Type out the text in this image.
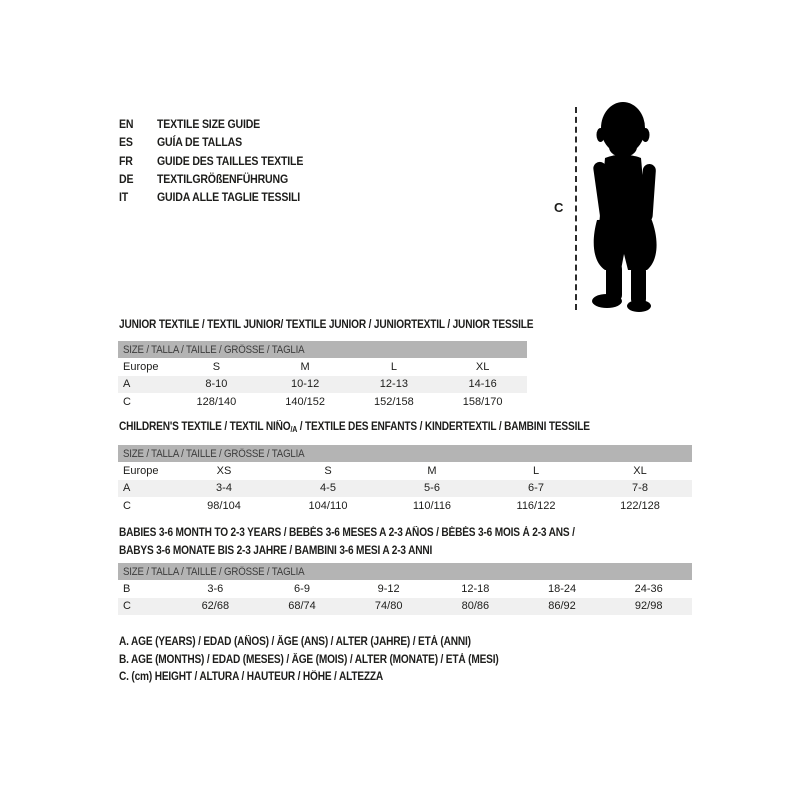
EN	TEXTILE SIZE GUIDE
ES	GUÍA DE TALLAS
FR	GUIDE DES TAILLES TEXTILE
DE	TEXTILGRÖßENFÜHRUNG
IT	GUIDA ALLE TAGLIE TESSILI
C
JUNIOR TEXTILE / TEXTIL JUNIOR/ TEXTILE JUNIOR / JUNIORTEXTIL / JUNIOR TESSILE
SIZE / TALLA / TAILLE / GRÖSSE / TAGLIA
Europe	S	M	L	XL
A	8-10	10-12	12-13	14-16
C	128/140	140/152	152/158	158/170
CHILDREN'S TEXTILE / TEXTIL $NIÑO_{/A}$ / TEXTILE DES ENFANTS / KINDERTEXTIL / BAMBINI TESSILE
SIZE / TALLA / TAILLE / GRÖSSE / TAGLIA
Europe	XS	S	M	L	XL
A	3-4	4-5	5-6	6-7	7-8
C	98/104	104/110	110/116	116/122	122/128
BABIES 3-6 MONTH TO 2-3 YEARS / BEBÉS 3-6 MESES A 2-3 AÑOS / BÉBÉS 3-6 MOIS À 2-3 ANS /
BABYS 3-6 MONATE BIS 2-3 JAHRE / BAMBINI 3-6 MESI A 2-3 ANNI
SIZE / TALLA / TAILLE / GRÖSSE / TAGLIA
B	3-6	6-9	9-12	12-18	18-24	24-36
C	62/68	68/74	74/80	80/86	86/92	92/98
A. AGE (YEARS) / EDAD (AÑOS) / ÂGE (ANS) / ALTER (JAHRE) / ETÀ (ANNI)
B. AGE (MONTHS) / EDAD (MESES) / ÂGE (MOIS) / ALTER (MONATE) / ETÀ (MESI)
C. (cm) HEIGHT / ALTURA / HAUTEUR / HÖHE / ALTEZZA
